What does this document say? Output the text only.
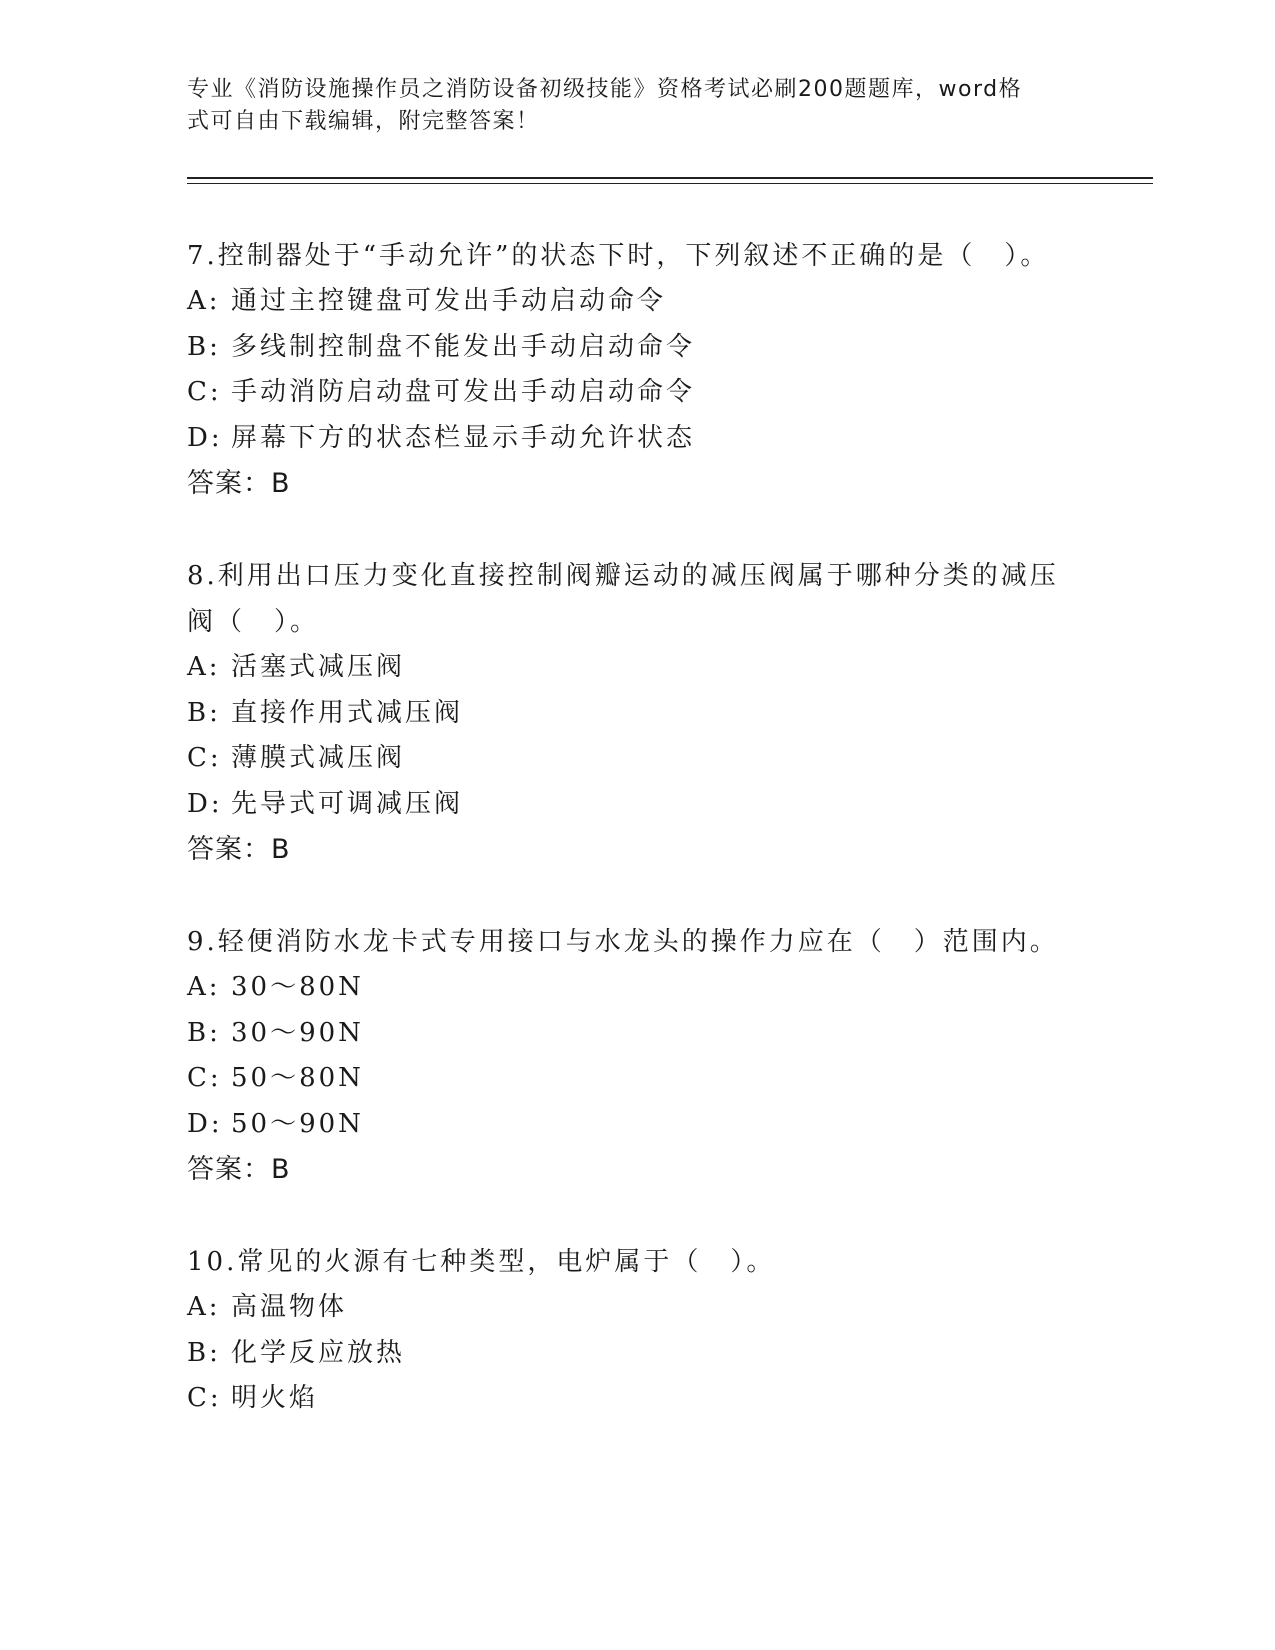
专业《消防设施操作员之消防设备初级技能》资格考试必刷200题题库，word格
式可自由下载编辑，附完整答案！
7.控制器处于“手动允许”的状态下时，下列叙述不正确的是（　）。
A: 通过主控键盘可发出手动启动命令
B: 多线制控制盘不能发出手动启动命令
C: 手动消防启动盘可发出手动启动命令
D: 屏幕下方的状态栏显示手动允许状态
答案：B
8.利用出口压力变化直接控制阀瓣运动的减压阀属于哪种分类的减压阀（　）。
A: 活塞式减压阀
B: 直接作用式减压阀
C: 薄膜式减压阀
D: 先导式可调减压阀
答案：B
9.轻便消防水龙卡式专用接口与水龙头的操作力应在（　）范围内。
A: 30～80N
B: 30～90N
C: 50～80N
D: 50～90N
答案：B
10.常见的火源有七种类型，电炉属于（　）。
A: 高温物体
B: 化学反应放热
C: 明火焰
